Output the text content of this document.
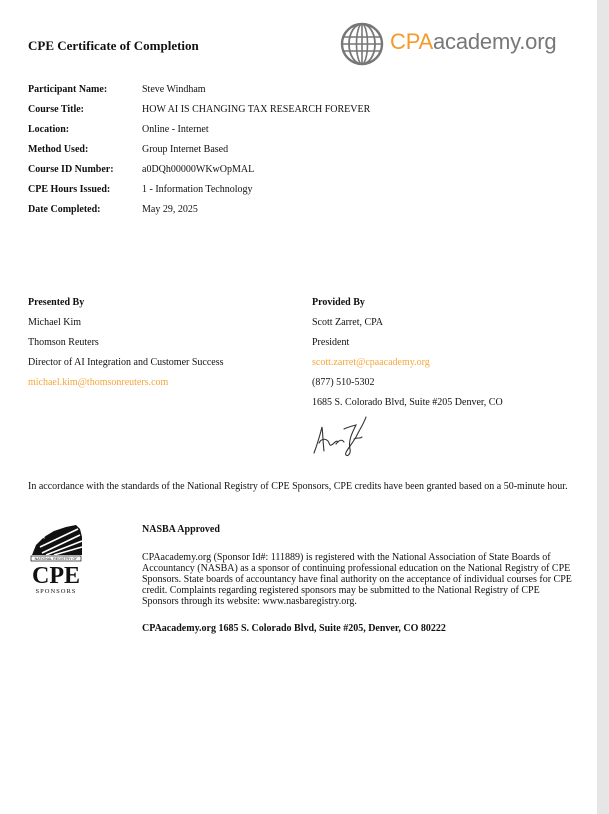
CPE Certificate of Completion	CPAacademy.org
Participant Name:	Steve Windham
Course Title:	HOW AI IS CHANGING TAX RESEARCH FOREVER
Location:	Online - Internet
Method Used:	Group Internet Based
Course ID Number:	a0DQh00000WKwOpMAL
CPE Hours Issued:	1 - Information Technology
Date Completed:	May 29, 2025
Presented By
Michael Kim
Thomson Reuters
Director of AI Integration and Customer Success
michael.kim@thomsonreuters.com
Provided By
Scott Zarret, CPA
President
scott.zarret@cpaacademy.org
(877) 510-5302
1685 S. Colorado Blvd, Suite #205 Denver, CO
In accordance with the standards of the National Registry of CPE Sponsors, CPE credits have been granted based on a 50-minute hour.
★
NATIONAL REGISTRY OF
CPE
SPONSORS
NASBA Approved
CPAacademy.org (Sponsor Id#: 111889) is registered with the National Association of State Boards of Accountancy (NASBA) as a sponsor of continuing professional education on the National Registry of CPE Sponsors. State boards of accountancy have final authority on the acceptance of individual courses for CPE credit. Complaints regarding registered sponsors may be submitted to the National Registry of CPE Sponsors through its website: www.nasbaregistry.org.
CPAacademy.org 1685 S. Colorado Blvd, Suite #205, Denver, CO 80222
